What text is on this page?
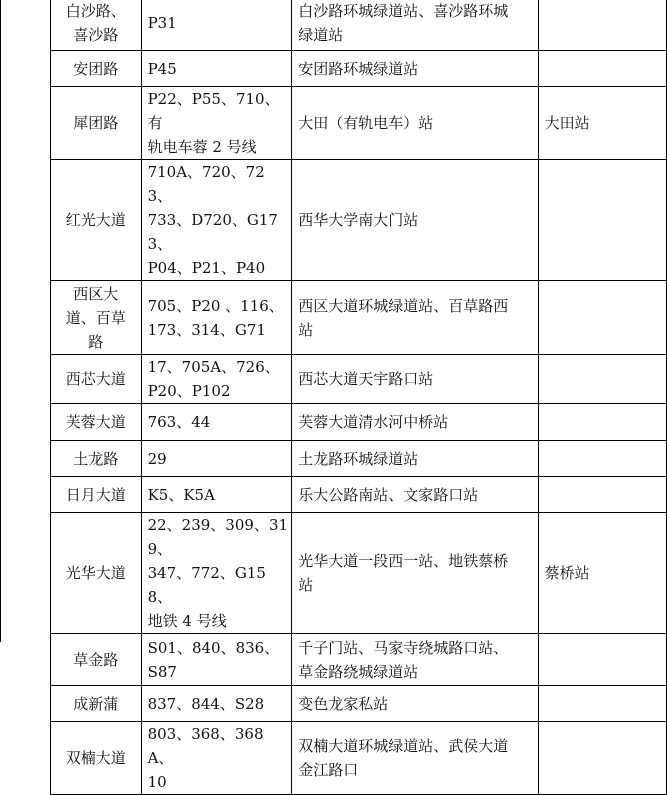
白沙路、
喜沙路	P31	白沙路环城绿道站、喜沙路环城
绿道站	
安团路	P45	安团路环城绿道站	
犀团路	P22、P55、710、有
轨电车蓉 2 号线	大田（有轨电车）站	大田站
红光大道	710A、720、723、
733、D720、G173、
P04、P21、P40	西华大学南大门站	
西区大
道、百草
路	705、P20 、116、
173、314、G71	西区大道环城绿道站、百草路西
站	
西芯大道	17、705A、726、
P20、P102	西芯大道天宇路口站	
芙蓉大道	763、44	芙蓉大道清水河中桥站	
土龙路	29	土龙路环城绿道站	
日月大道	K5、K5A	乐大公路南站、文家路口站	
光华大道	22、239、309、319、
347、772、G158、
地铁 4 号线	光华大道一段西一站、地铁蔡桥
站	蔡桥站
草金路	S01、840、836、S87	千子门站、马家寺绕城路口站、
草金路绕城绿道站	
成新蒲	837、844、S28	变色龙家私站	
双楠大道	803、368、368A、
10	双楠大道环城绿道站、武侯大道
金江路口	
